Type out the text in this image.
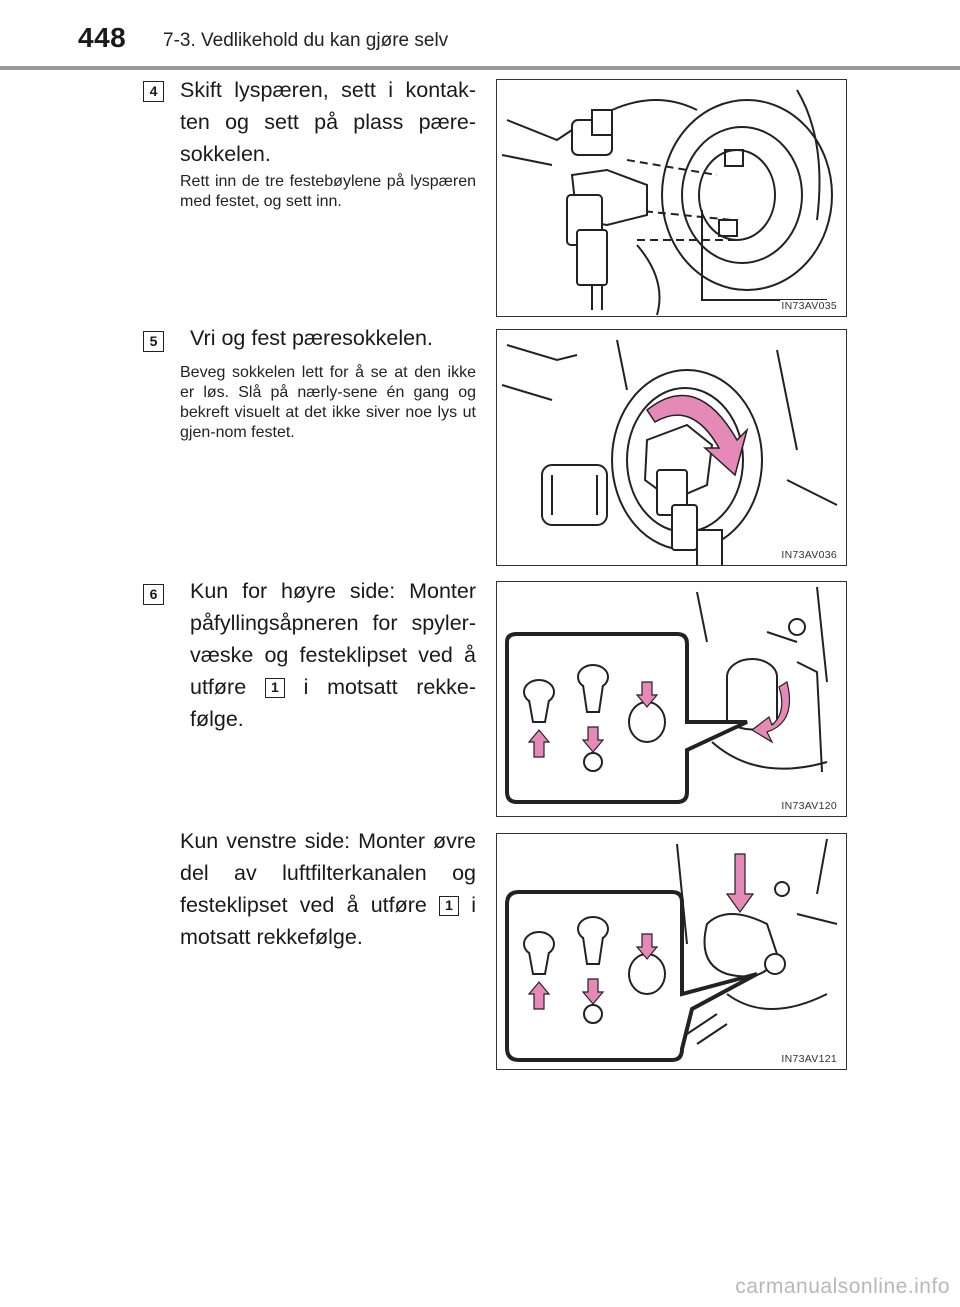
448 7-3. Vedlikehold du kan gjøre selv
4	Skift lyspæren, sett i kontak-ten og sett på plass pære-sokkelen.
Rett inn de tre festebøylene på lyspæren med festet, og sett inn.
IN73AV035
5	Vri og fest pæresokkelen.
Beveg sokkelen lett for å se at den ikke er løs. Slå på nærly-sene én gang og bekreft visuelt at det ikke siver noe lys ut gjen-nom festet.
IN73AV036
6	Kun for høyre side: Monter påfyllingsåpneren for spyler-væske og festeklipset ved å utføre 1 i motsatt rekke-følge.
IN73AV120
Kun venstre side: Monter øvre del av luftfilterkanalen og festeklipset ved å utføre 1 i motsatt rekkefølge.
IN73AV121
carmanualsonline.info
